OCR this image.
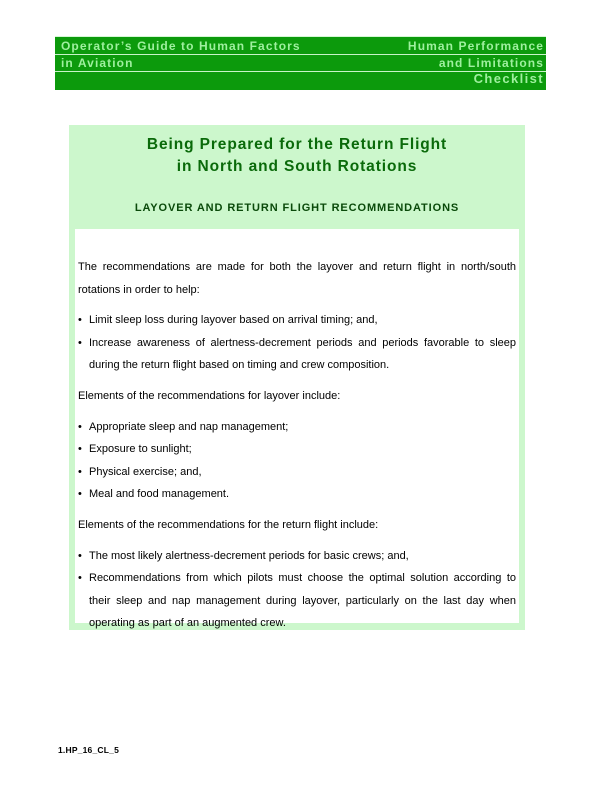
Operator’s Guide to Human Factors
in Aviation
Human Performance
and Limitations
Checklist
Being Prepared for the Return Flight
in North and South Rotations
LAYOVER AND RETURN FLIGHT RECOMMENDATIONS

The recommendations are made for both the layover and return flight in north/south rotations in order to help:

• Limit sleep loss during layover based on arrival timing; and,
• Increase awareness of alertness-decrement periods and periods favorable to sleep during the return flight based on timing and crew composition.

Elements of the recommendations for layover include:

• Appropriate sleep and nap management;
• Exposure to sunlight;
• Physical exercise; and,
• Meal and food management.

Elements of the recommendations for the return flight include:

• The most likely alertness-decrement periods for basic crews; and,
• Recommendations from which pilots must choose the optimal solution according to their sleep and nap management during layover, particularly on the last day when operating as part of an augmented crew.
1.HP_16_CL_5
